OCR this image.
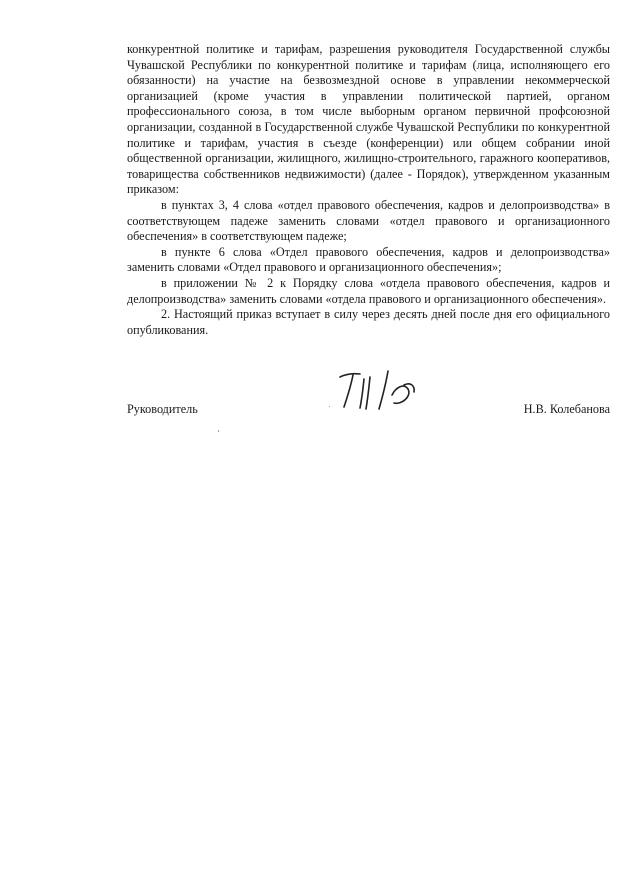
конкурентной политике и тарифам, разрешения руководителя Государственной службы Чувашской Республики по конкурентной политике и тарифам (лица, исполняющего его обязанности) на участие на безвозмездной основе в управлении некоммерческой организацией (кроме участия в управлении политической партией, органом профессионального союза, в том числе выборным органом первичной профсоюзной организации, созданной в Государственной службе Чувашской Республики по конкурентной политике и тарифам, участия в съезде (конференции) или общем собрании иной общественной организации, жилищного, жилищно-строительного, гаражного кооперативов, товарищества собственников недвижимости) (далее - Порядок), утвержденном указанным приказом:

в пунктах 3, 4 слова «отдел правового обеспечения, кадров и делопроизводства» в соответствующем падеже заменить словами «отдел правового и организационного обеспечения» в соответствующем падеже;

в пункте 6 слова «Отдел правового обеспечения, кадров и делопроизводства» заменить словами «Отдел правового и организационного обеспечения»;

в приложении № 2 к Порядку слова «отдела правового обеспечения, кадров и делопроизводства» заменить словами «отдела правового и организационного обеспечения».

2. Настоящий приказ вступает в силу через десять дней после дня его официального опубликования.

Руководитель	Н.В. Колебанова
